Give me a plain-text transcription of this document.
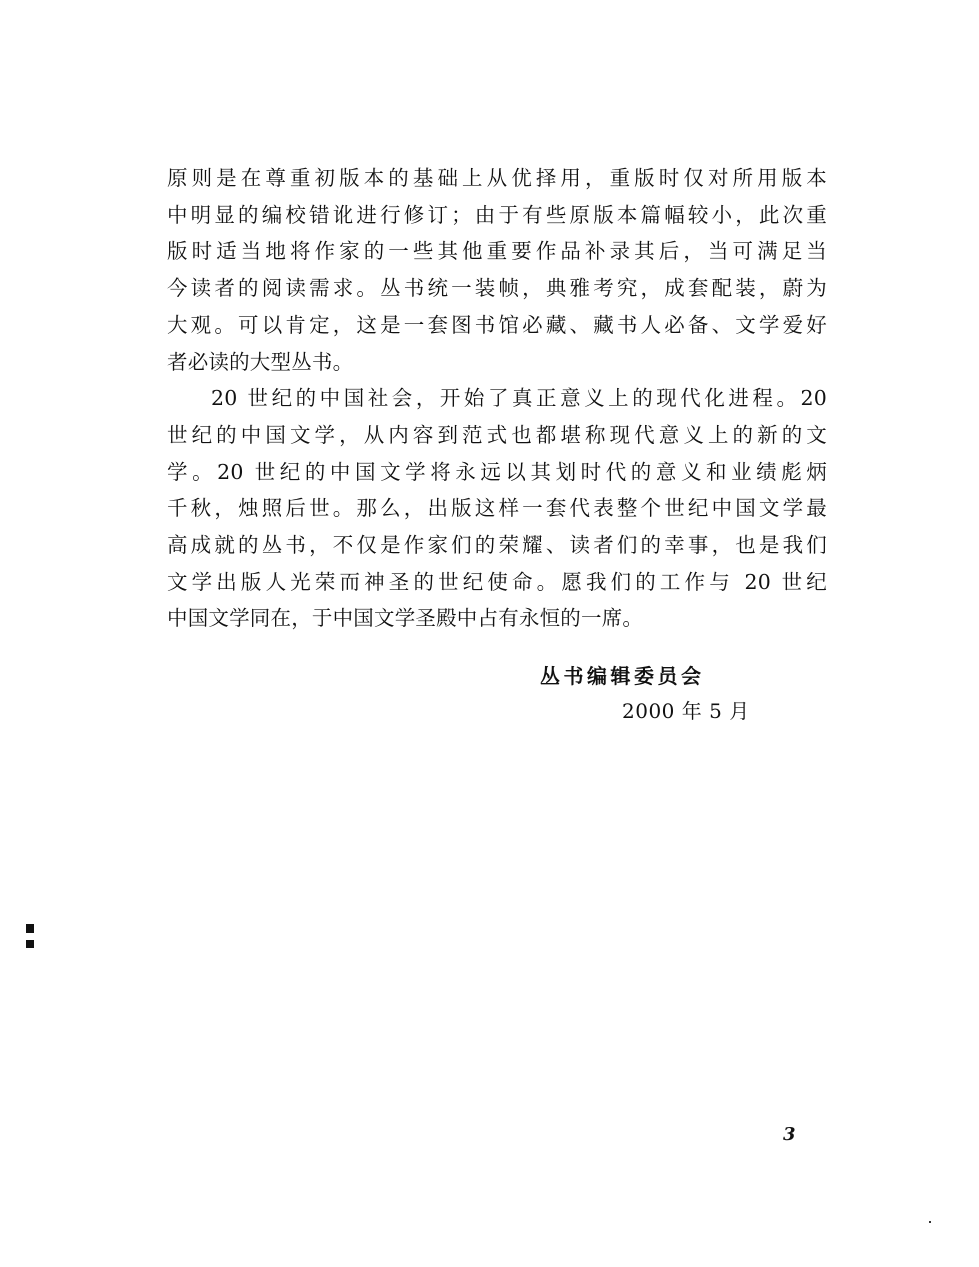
原则是在尊重初版本的基础上从优择用，重版时仅对所用版本
中明显的编校错讹进行修订；由于有些原版本篇幅较小，此次重
版时适当地将作家的一些其他重要作品补录其后，当可满足当
今读者的阅读需求。丛书统一装帧，典雅考究，成套配装，蔚为
大观。可以肯定，这是一套图书馆必藏、藏书人必备、文学爱好
者必读的大型丛书。
20 世纪的中国社会，开始了真正意义上的现代化进程。20
世纪的中国文学，从内容到范式也都堪称现代意义上的新的文
学。20 世纪的中国文学将永远以其划时代的意义和业绩彪炳
千秋，烛照后世。那么，出版这样一套代表整个世纪中国文学最
高成就的丛书，不仅是作家们的荣耀、读者们的幸事，也是我们
文学出版人光荣而神圣的世纪使命。愿我们的工作与 20 世纪
中国文学同在，于中国文学圣殿中占有永恒的一席。
丛书编辑委员会
2000 年 5 月
3
